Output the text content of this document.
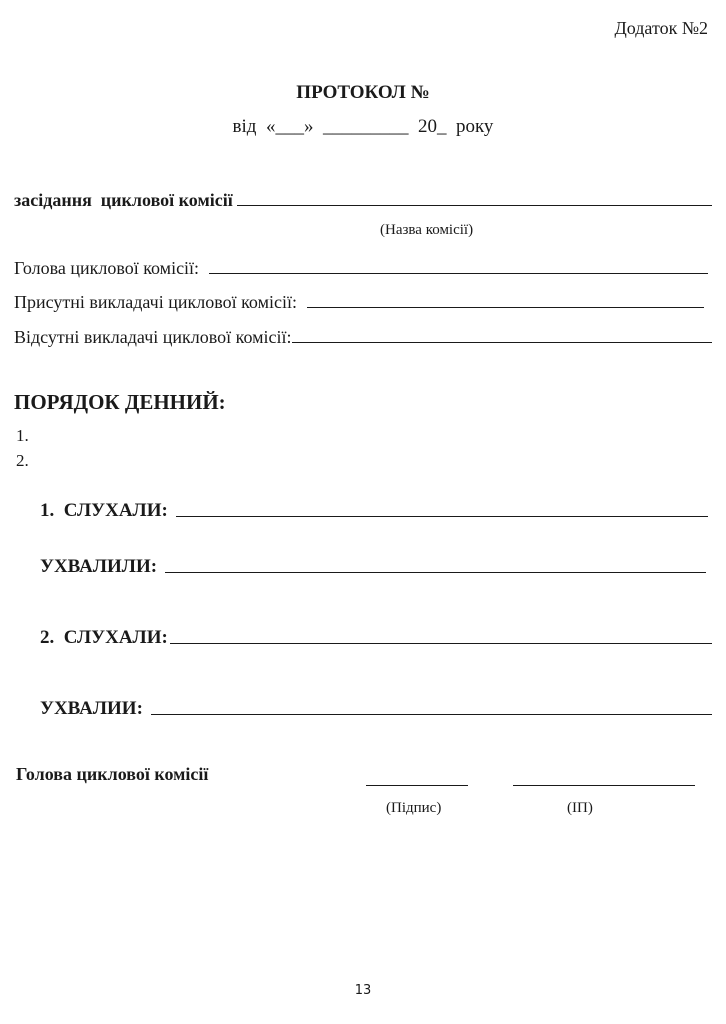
Додаток №2
ПРОТОКОЛ №
від  «___»  _________  20_  року
засідання  циклової комісії
(Назва комісії)
Голова циклової комісії:
Присутні викладачі циклової комісії:
Відсутні викладачі циклової комісії:
ПОРЯДОК ДЕННИЙ:
1.
2.
1.  СЛУХАЛИ:
УХВАЛИЛИ:
2.  СЛУХАЛИ:
УХВАЛИИ:
Голова циклової комісії
(Підпис)	(ІП)
13
